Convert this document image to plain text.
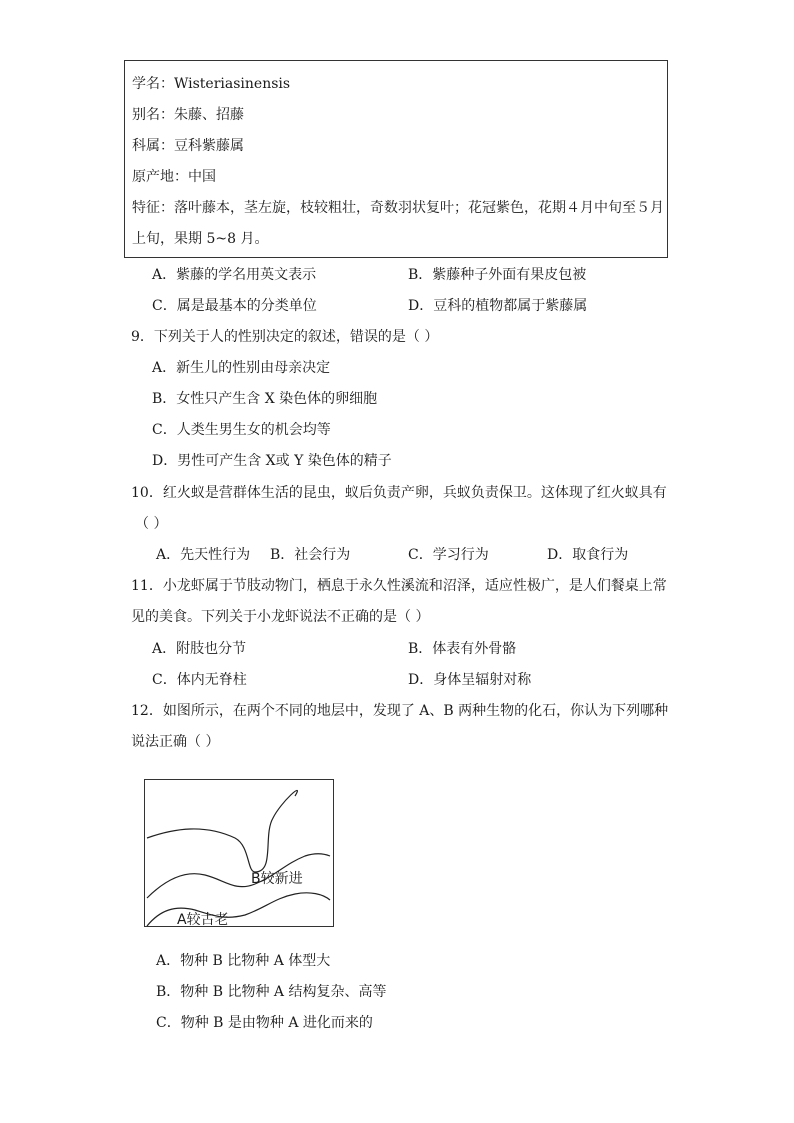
学名：Wisteriasinensis
别名：朱藤、招藤
科属：豆科紫藤属
原产地：中国
特征：落叶藤本，茎左旋，枝较粗壮，奇数羽状复叶；花冠紫色，花期４月中旬至５月
上旬，果期 5~8 月。
A．紫藤的学名用英文表示	B．紫藤种子外面有果皮包被
C．属是最基本的分类单位	D．豆科的植物都属于紫藤属
9．下列关于人的性别决定的叙述，错误的是（ ）
A．新生儿的性别由母亲决定
B．女性只产生含 X 染色体的卵细胞
C．人类生男生女的机会均等
D．男性可产生含 X或 Y 染色体的精子
10．红火蚁是营群体生活的昆虫，蚁后负责产卵，兵蚁负责保卫。这体现了红火蚁具有
（ ）
A．先天性行为 B．社会行为	C．学习行为	D．取食行为
11．小龙虾属于节肢动物门，栖息于永久性溪流和沼泽，适应性极广，是人们餐桌上常
见的美食。下列关于小龙虾说法不正确的是（ ）
A．附肢也分节	B．体表有外骨骼
C．体内无脊柱	D．身体呈辐射对称
12．如图所示，在两个不同的地层中，发现了 A、B 两种生物的化石，你认为下列哪种
说法正确（ ）
B较新进
A较古老
A．物种 B 比物种 A 体型大
B．物种 B 比物种 A 结构复杂、高等
C．物种 B 是由物种 A 进化而来的
